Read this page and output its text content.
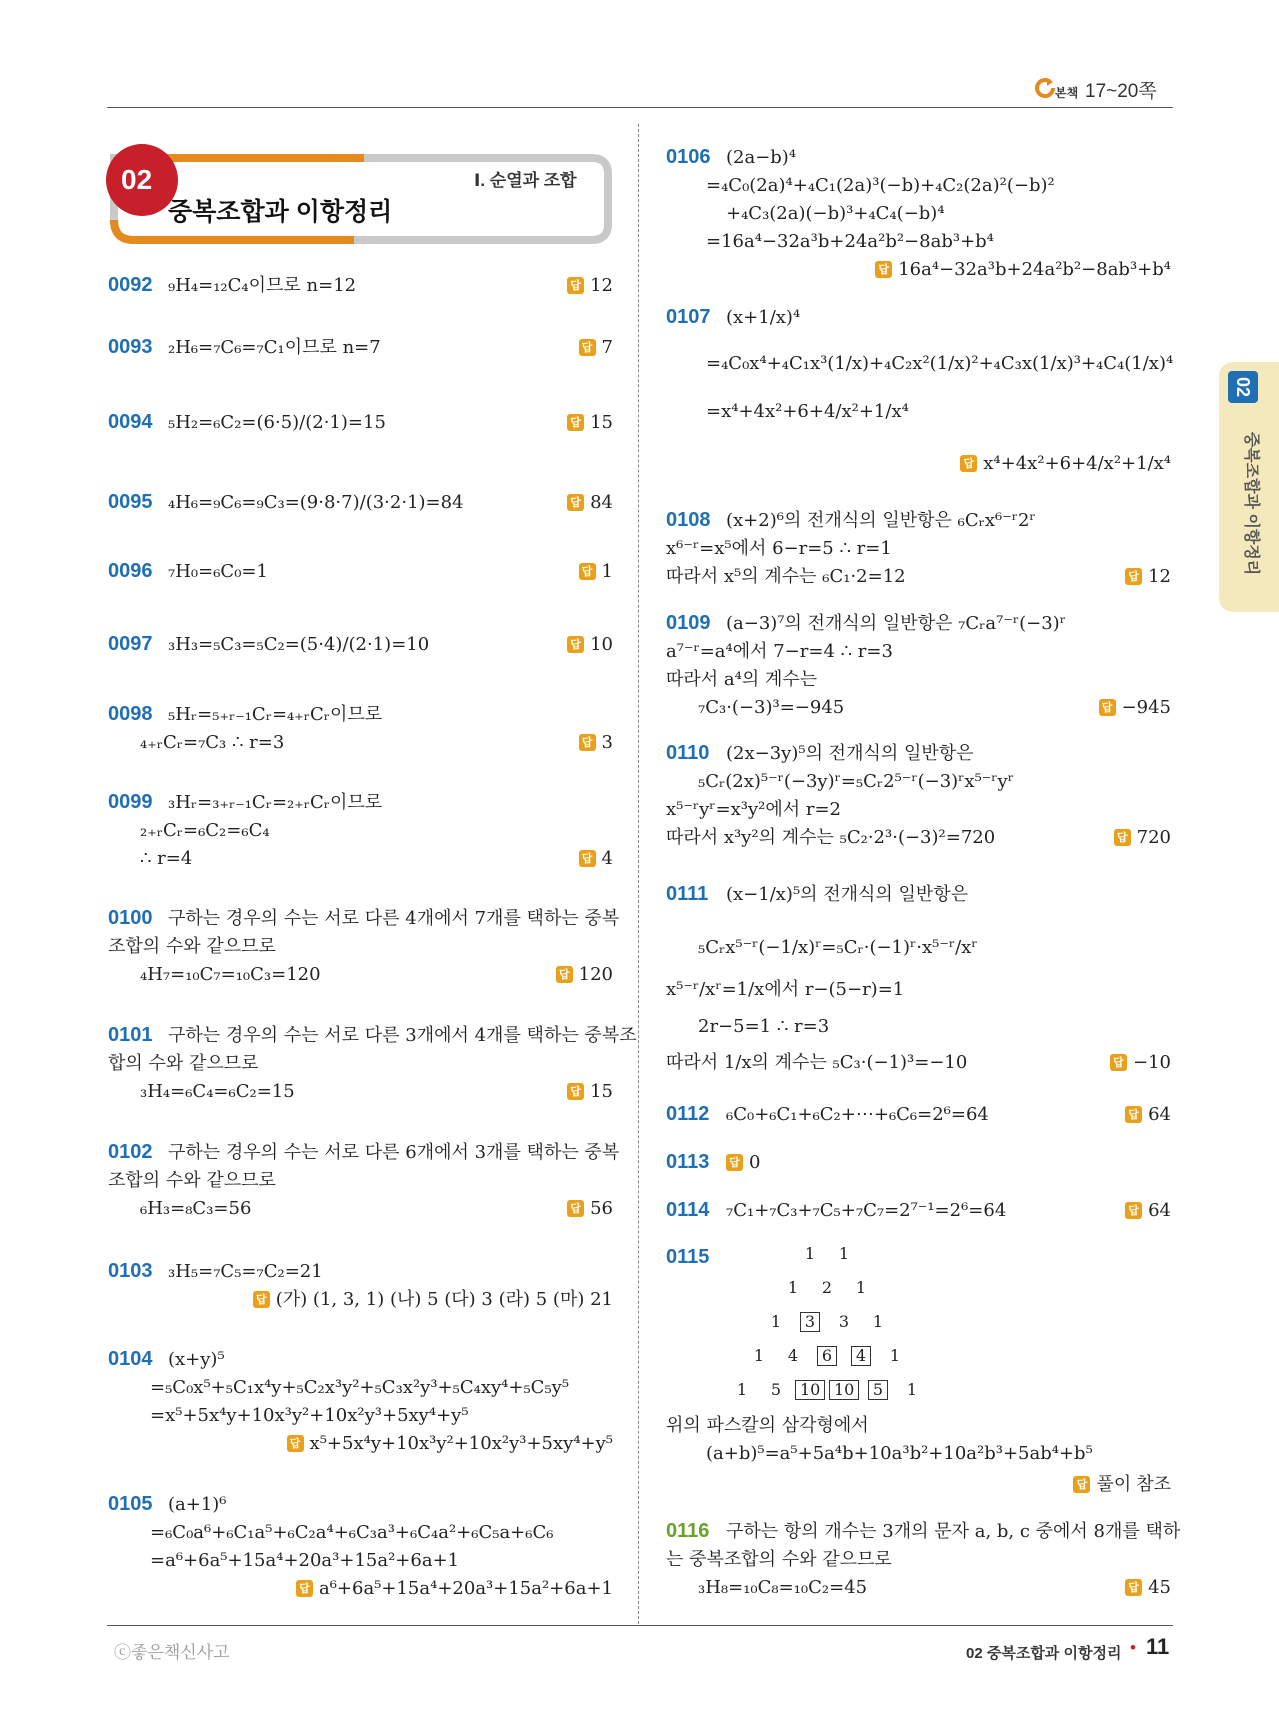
본책 17~20쪽
02
중복조합과 이항정리
Ⅰ. 순열과 조합
02
중복조합과 이항정리
0092 ₉H₄=₁₂C₄이므로 n=12	답 12
0093 ₂H₆=₇C₆=₇C₁이므로 n=7	답 7
0094 ₅H₂=₆C₂=(6·5)/(2·1)=15	답 15
0095 ₄H₆=₉C₆=₉C₃=(9·8·7)/(3·2·1)=84	답 84
0096 ₇H₀=₆C₀=1	답 1
0097 ₃H₃=₅C₃=₅C₂=(5·4)/(2·1)=10	답 10
0098 ₅Hᵣ=₅₊ᵣ₋₁Cᵣ=₄₊ᵣCᵣ이므로
₄₊ᵣCᵣ=₇C₃ ∴ r=3	답 3
0099 ₃Hᵣ=₃₊ᵣ₋₁Cᵣ=₂₊ᵣCᵣ이므로
₂₊ᵣCᵣ=₆C₂=₆C₄
∴ r=4	답 4
0100 구하는 경우의 수는 서로 다른 4개에서 7개를 택하는 중복
조합의 수와 같으므로
₄H₇=₁₀C₇=₁₀C₃=120	답 120
0101 구하는 경우의 수는 서로 다른 3개에서 4개를 택하는 중복조
합의 수와 같으므로
₃H₄=₆C₄=₆C₂=15	답 15
0102 구하는 경우의 수는 서로 다른 6개에서 3개를 택하는 중복
조합의 수와 같으므로
₆H₃=₈C₃=56	답 56
0103 ₃H₅=₇C₅=₇C₂=21
답 (가) (1, 3, 1) (나) 5 (다) 3 (라) 5 (마) 21
0104 (x+y)⁵
=₅C₀x⁵+₅C₁x⁴y+₅C₂x³y²+₅C₃x²y³+₅C₄xy⁴+₅C₅y⁵
=x⁵+5x⁴y+10x³y²+10x²y³+5xy⁴+y⁵
답 x⁵+5x⁴y+10x³y²+10x²y³+5xy⁴+y⁵
0105 (a+1)⁶
=₆C₀a⁶+₆C₁a⁵+₆C₂a⁴+₆C₃a³+₆C₄a²+₆C₅a+₆C₆
=a⁶+6a⁵+15a⁴+20a³+15a²+6a+1
답 a⁶+6a⁵+15a⁴+20a³+15a²+6a+1
0106 (2a−b)⁴
=₄C₀(2a)⁴+₄C₁(2a)³(−b)+₄C₂(2a)²(−b)²
+₄C₃(2a)(−b)³+₄C₄(−b)⁴
=16a⁴−32a³b+24a²b²−8ab³+b⁴
답 16a⁴−32a³b+24a²b²−8ab³+b⁴
0107 (x+1/x)⁴
=₄C₀x⁴+₄C₁x³(1/x)+₄C₂x²(1/x)²+₄C₃x(1/x)³+₄C₄(1/x)⁴
=x⁴+4x²+6+4/x²+1/x⁴
답 x⁴+4x²+6+4/x²+1/x⁴
0108 (x+2)⁶의 전개식의 일반항은 ₆Cᵣx⁶⁻ʳ2ʳ
x⁶⁻ʳ=x⁵에서 6−r=5 ∴ r=1
따라서 x⁵의 계수는 ₆C₁·2=12	답 12
0109 (a−3)⁷의 전개식의 일반항은 ₇Cᵣa⁷⁻ʳ(−3)ʳ
a⁷⁻ʳ=a⁴에서 7−r=4 ∴ r=3
따라서 a⁴의 계수는
₇C₃·(−3)³=−945	답 −945
0110 (2x−3y)⁵의 전개식의 일반항은
₅Cᵣ(2x)⁵⁻ʳ(−3y)ʳ=₅Cᵣ2⁵⁻ʳ(−3)ʳx⁵⁻ʳyʳ
x⁵⁻ʳyʳ=x³y²에서 r=2
따라서 x³y²의 계수는 ₅C₂·2³·(−3)²=720	답 720
0111 (x−1/x)⁵의 전개식의 일반항은
₅Cᵣx⁵⁻ʳ(−1/x)ʳ=₅Cᵣ·(−1)ʳ·x⁵⁻ʳ/xʳ
x⁵⁻ʳ/xʳ=1/x에서 r−(5−r)=1
2r−5=1 ∴ r=3
따라서 1/x의 계수는 ₅C₃·(−1)³=−10	답 −10
0112 ₆C₀+₆C₁+₆C₂+⋯+₆C₆=2⁶=64	답 64
0113 답 0
0114 ₇C₁+₇C₃+₇C₅+₇C₇=2⁷⁻¹=2⁶=64	답 64
0115	1	1
1	2	1
1	3	3	1
1	4	6	4	1
1	5	10 10	5	1
위의 파스칼의 삼각형에서
(a+b)⁵=a⁵+5a⁴b+10a³b²+10a²b³+5ab⁴+b⁵
답 풀이 참조
0116 구하는 항의 개수는 3개의 문자 a, b, c 중에서 8개를 택하
는 중복조합의 수와 같으므로
₃H₈=₁₀C₈=₁₀C₂=45	답 45
ⓒ좋은책신사고	02 중복조합과 이항정리 • 11
